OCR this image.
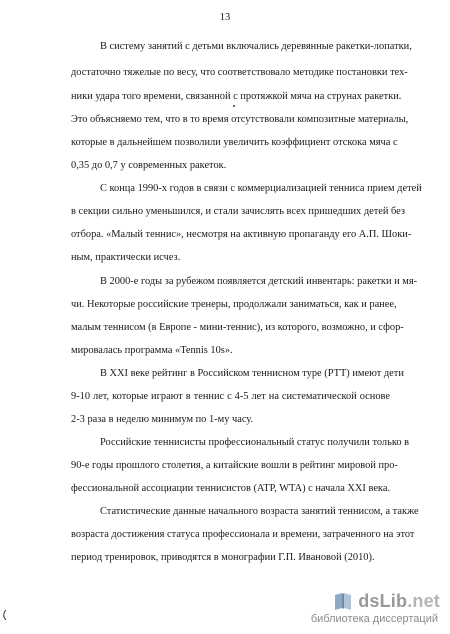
13
В систему занятий с детьми включались деревянные ракетки-лопатки,
достаточно тяжелые по весу, что соответствовало методике постановки тех-
ники удара того времени, связанной с протяжкой мяча на струнах ракетки.
Это объясняемо тем, что в то время отсутствовали композитные материалы,
которые в дальнейшем позволили увеличить коэффициент отскока мяча с
0,35 до 0,7 у современных ракеток.
С конца 1990-х годов в связи с коммерциализацией тенниса прием детей
в секции сильно уменьшился, и стали зачислять всех пришедших детей без
отбора. «Малый теннис», несмотря на активную пропаганду его А.П. Шоки-
ным, практически исчез.
В 2000-е годы за рубежом появляется детский инвентарь: ракетки и мя-
чи. Некоторые российские тренеры, продолжали заниматься, как и ранее,
малым теннисом (в Европе - мини-теннис), из которого, возможно, и сфор-
мировалась программа «Tennis 10s».
В XXI веке рейтинг в Российском теннисном туре (РТТ) имеют дети
9-10 лет, которые играют в теннис с 4-5 лет на систематической основе
2-3 раза в неделю минимум по 1-му часу.
Российские теннисисты профессиональный статус получили только в
90-е годы прошлого столетия, а китайские вошли в рейтинг мировой про-
фессиональной ассоциации теннисистов (ATP, WTA) с начала XXI века.
Статистические данные начального возраста занятий теннисом, а также
возраста достижения статуса профессионала и времени, затраченного на этот
период тренировок, приводятся в монографии Г.П. Ивановой (2010).
dsLib.net
библиотека диссертаций
